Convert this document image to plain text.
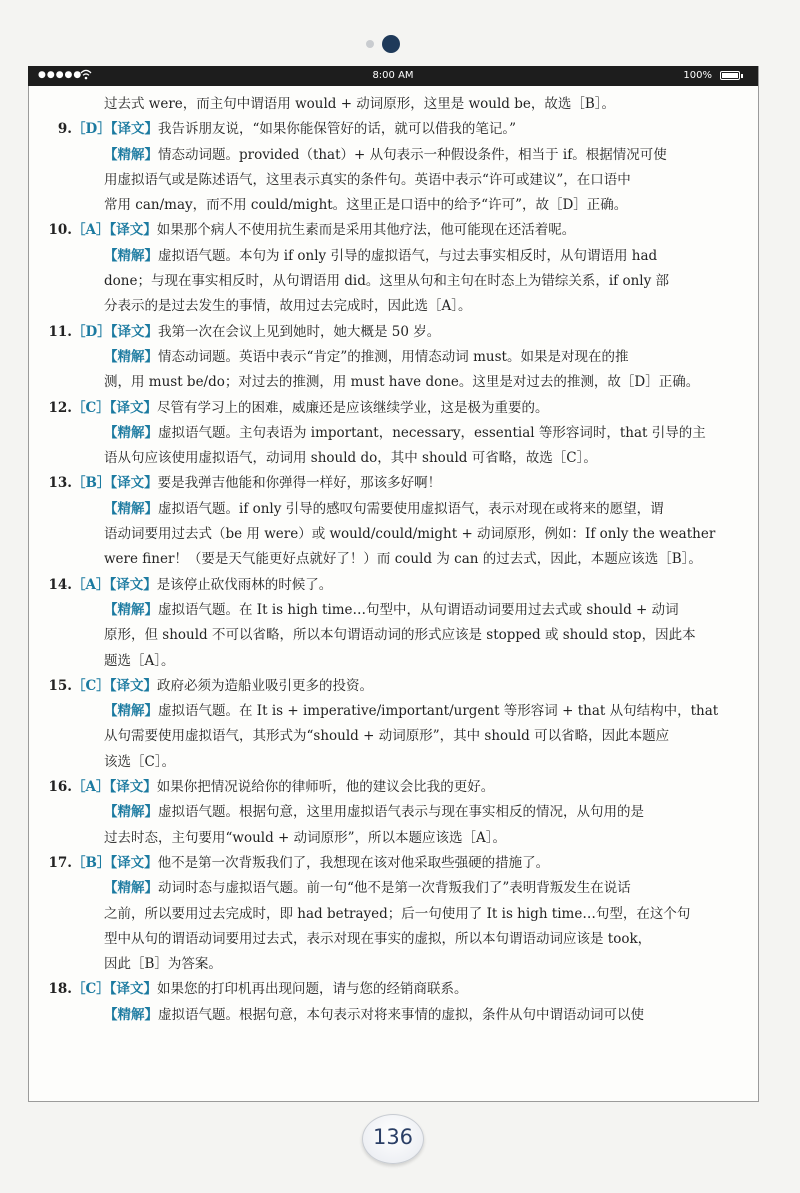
●●●●●	8:00 AM	100%
过去式 were，而主句中谓语用 would + 动词原形，这里是 would be，故选［B］。
9.［D］【译文】我告诉朋友说，“如果你能保管好的话，就可以借我的笔记。”
【精解】情态动词题。provided（that）+ 从句表示一种假设条件，相当于 if。根据情况可使
用虚拟语气或是陈述语气，这里表示真实的条件句。英语中表示“许可或建议”，在口语中
常用 can/may，而不用 could/might。这里正是口语中的给予“许可”，故［D］正确。
10.［A］【译文】如果那个病人不使用抗生素而是采用其他疗法，他可能现在还活着呢。
【精解】虚拟语气题。本句为 if only 引导的虚拟语气，与过去事实相反时，从句谓语用 had
done；与现在事实相反时，从句谓语用 did。这里从句和主句在时态上为错综关系，if only 部
分表示的是过去发生的事情，故用过去完成时，因此选［A］。
11.［D］【译文】我第一次在会议上见到她时，她大概是 50 岁。
【精解】情态动词题。英语中表示“肯定”的推测，用情态动词 must。如果是对现在的推
测，用 must be/do；对过去的推测，用 must have done。这里是对过去的推测，故［D］正确。
12.［C］【译文】尽管有学习上的困难，威廉还是应该继续学业，这是极为重要的。
【精解】虚拟语气题。主句表语为 important，necessary，essential 等形容词时，that 引导的主
语从句应该使用虚拟语气，动词用 should do，其中 should 可省略，故选［C］。
13.［B］【译文】要是我弹吉他能和你弹得一样好，那该多好啊！
【精解】虚拟语气题。if only 引导的感叹句需要使用虚拟语气，表示对现在或将来的愿望，谓
语动词要用过去式（be 用 were）或 would/could/might + 动词原形，例如：If only the weather
were finer！（要是天气能更好点就好了！）而 could 为 can 的过去式，因此，本题应该选［B］。
14.［A］【译文】是该停止砍伐雨林的时候了。
【精解】虚拟语气题。在 It is high time…句型中，从句谓语动词要用过去式或 should + 动词
原形，但 should 不可以省略，所以本句谓语动词的形式应该是 stopped 或 should stop，因此本
题选［A］。
15.［C］【译文】政府必须为造船业吸引更多的投资。
【精解】虚拟语气题。在 It is + imperative/important/urgent 等形容词 + that 从句结构中，that
从句需要使用虚拟语气，其形式为“should + 动词原形”，其中 should 可以省略，因此本题应
该选［C］。
16.［A］【译文】如果你把情况说给你的律师听，他的建议会比我的更好。
【精解】虚拟语气题。根据句意，这里用虚拟语气表示与现在事实相反的情况，从句用的是
过去时态，主句要用“would + 动词原形”，所以本题应该选［A］。
17.［B］【译文】他不是第一次背叛我们了，我想现在该对他采取些强硬的措施了。
【精解】动词时态与虚拟语气题。前一句“他不是第一次背叛我们了”表明背叛发生在说话
之前，所以要用过去完成时，即 had betrayed；后一句使用了 It is high time…句型，在这个句
型中从句的谓语动词要用过去式，表示对现在事实的虚拟，所以本句谓语动词应该是 took，
因此［B］为答案。
18.［C］【译文】如果您的打印机再出现问题，请与您的经销商联系。
【精解】虚拟语气题。根据句意，本句表示对将来事情的虚拟，条件从句中谓语动词可以使
136
